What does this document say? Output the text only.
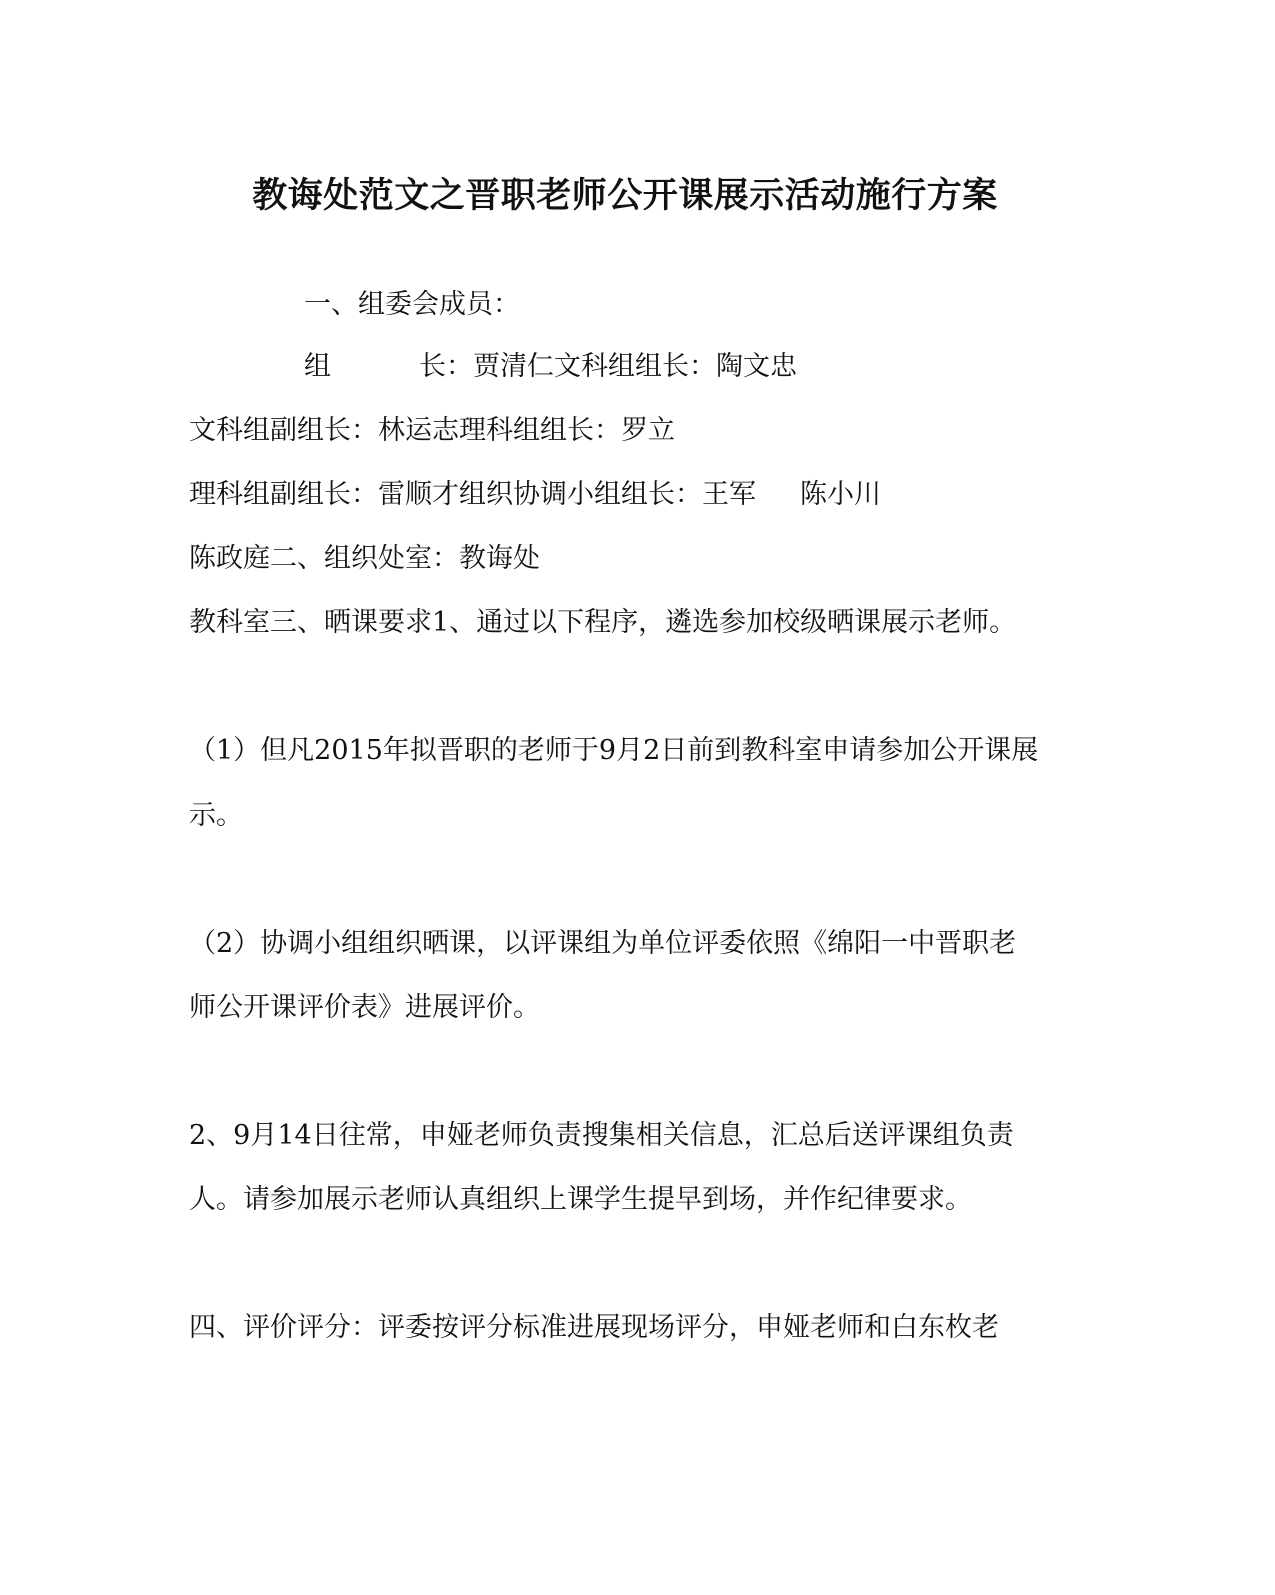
教诲处范文之晋职老师公开课展示活动施行方案
一、组委会成员：
组	长：贾清仁文科组组长：陶文忠
文科组副组长：林运志理科组组长：罗立
理科组副组长：雷顺才组织协调小组组长：王军 陈小川
陈政庭二、组织处室：教诲处
教科室三、晒课要求1、通过以下程序，遴选参加校级晒课展示老师。
（1）但凡2015年拟晋职的老师于9月2日前到教科室申请参加公开课展
示。
（2）协调小组组织晒课，以评课组为单位评委依照《绵阳一中晋职老
师公开课评价表》进展评价。
2、9月14日往常，申娅老师负责搜集相关信息，汇总后送评课组负责
人。请参加展示老师认真组织上课学生提早到场，并作纪律要求。
四、评价评分：评委按评分标准进展现场评分，申娅老师和白东枚老
